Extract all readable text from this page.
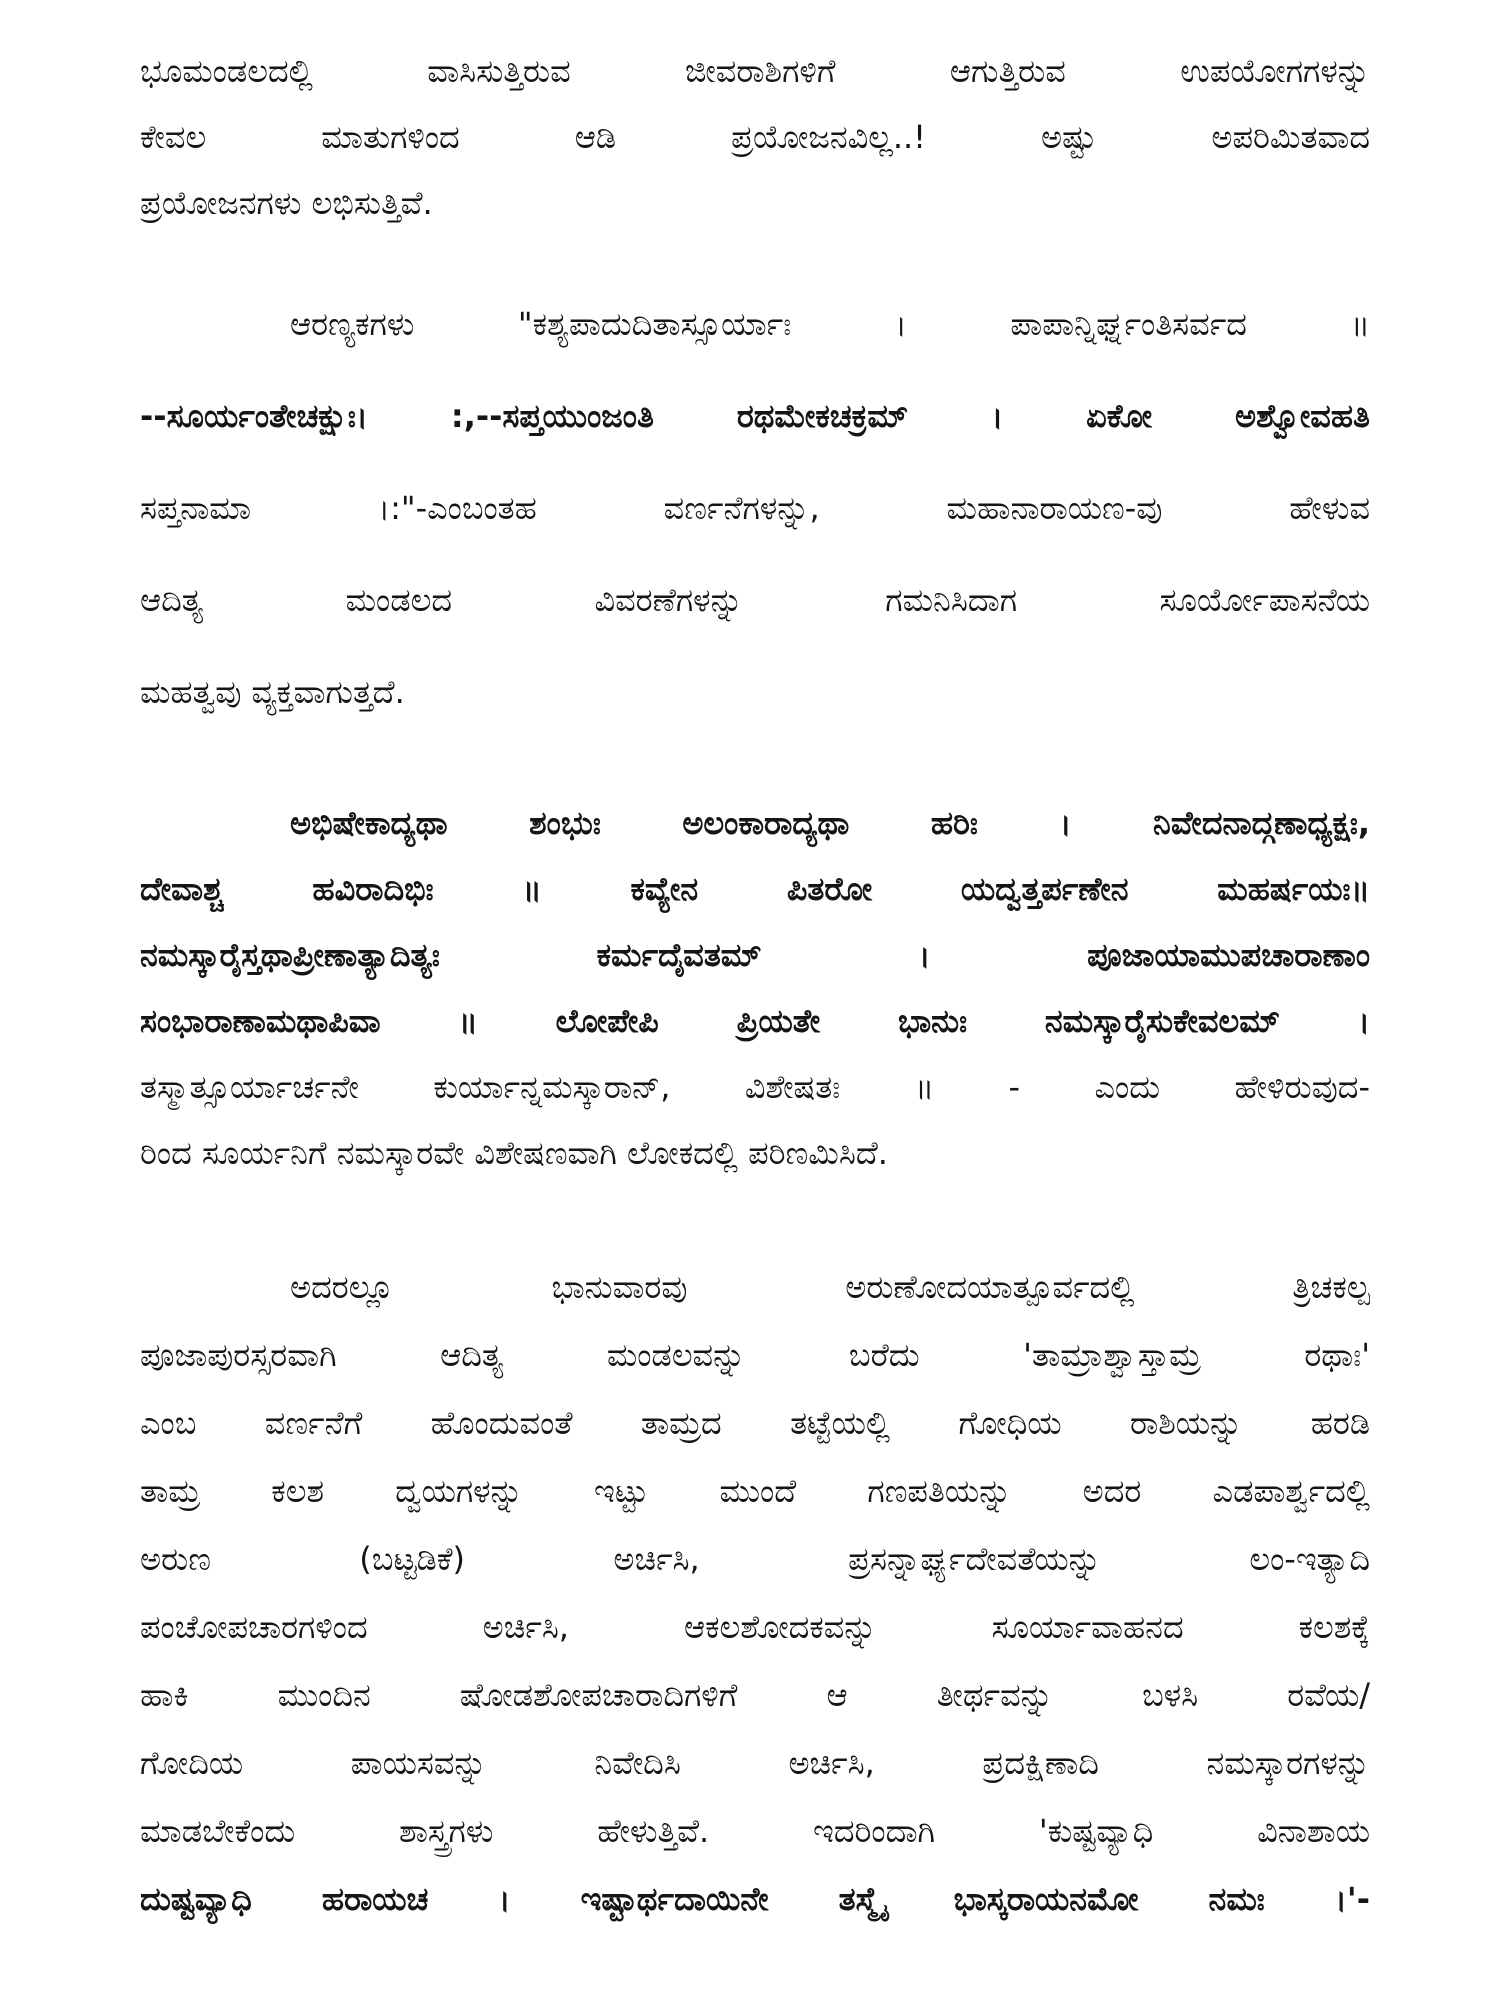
ಭೂಮಂಡಲದಲ್ಲಿ ವಾಸಿಸುತ್ತಿರುವ ಜೀವರಾಶಿಗಳಿಗೆ ಆಗುತ್ತಿರುವ ಉಪಯೋಗಗಳನ್ನು
ಕೇವಲ ಮಾತುಗಳಿಂದ ಆಡಿ ಪ್ರಯೋಜನವಿಲ್ಲ..! ಅಷ್ಟು ಅಪರಿಮಿತವಾದ
ಪ್ರಯೋಜನಗಳು ಲಭಿಸುತ್ತಿವೆ.
ಆರಣ್ಯಕಗಳು "ಕಶ್ಯಪಾದುದಿತಾಸ್ಸೂರ್ಯಾಃ । ಪಾಪಾನ್ನಿರ್ಘ್ನಂತಿಸರ್ವದ ॥
--ಸೂರ್ಯಂತೇಚಕ್ಷುಃ। :,--ಸಪ್ತಯುಂಜಂತಿ ರಥಮೇಕಚಕ್ರಮ್ । ಏಕೋ ಅಶ್ವೋವಹತಿ
ಸಪ್ತನಾಮಾ ।:"-ಎಂಬಂತಹ ವರ್ಣನೆಗಳನ್ನು, ಮಹಾನಾರಾಯಣ-ವು ಹೇಳುವ
ಆದಿತ್ಯ ಮಂಡಲದ ವಿವರಣೆಗಳನ್ನು ಗಮನಿಸಿದಾಗ ಸೂರ್ಯೋಪಾಸನೆಯ
ಮಹತ್ವವು ವ್ಯಕ್ತವಾಗುತ್ತದೆ.
ಅಭಿಷೇಕಾದ್ಯಥಾ ಶಂಭುಃ ಅಲಂಕಾರಾದ್ಯಥಾ ಹರಿಃ । ನಿವೇದನಾದ್ಗಣಾಧ್ಯಕ್ಷಃ,
ದೇವಾಶ್ಚ ಹವಿರಾದಿಭಿಃ ॥ ಕವ್ಯೇನ ಪಿತರೋ ಯದ್ವತ್ತರ್ಪಣೇನ ಮಹರ್ಷಯಃ॥
ನಮಸ್ಕಾರೈಸ್ತಥಾಪ್ರೀಣಾತ್ಯಾದಿತ್ಯಃ ಕರ್ಮದೈವತಮ್ । ಪೂಜಾಯಾಮುಪಚಾರಾಣಾಂ
ಸಂಭಾರಾಣಾಮಥಾಪಿವಾ ॥ ಲೋಪೇಪಿ ಪ್ರಿಯತೇ ಭಾನುಃ ನಮಸ್ಕಾರೈಸುಕೇವಲಮ್ ।
ತಸ್ಮಾತ್ಸೂರ್ಯಾರ್ಚನೇ ಕುರ್ಯಾನ್ನಮಸ್ಕಾರಾನ್, ವಿಶೇಷತಃ ॥ - ಎಂದು ಹೇಳಿರುವುದ-
ರಿಂದ ಸೂರ್ಯನಿಗೆ ನಮಸ್ಕಾರವೇ ವಿಶೇಷಣವಾಗಿ ಲೋಕದಲ್ಲಿ ಪರಿಣಮಿಸಿದೆ.
ಅದರಲ್ಲೂ ಭಾನುವಾರವು ಅರುಣೋದಯಾತ್ಪೂರ್ವದಲ್ಲಿ ತ್ರಿಚಕಲ್ಪ
ಪೂಜಾಪುರಸ್ಸರವಾಗಿ ಆದಿತ್ಯ ಮಂಡಲವನ್ನು ಬರೆದು 'ತಾಮ್ರಾಶ್ವಾಸ್ತಾಮ್ರ ರಥಾಃ'
ಎಂಬ ವರ್ಣನೆಗೆ ಹೊಂದುವಂತೆ ತಾಮ್ರದ ತಟ್ಟೆಯಲ್ಲಿ ಗೋಧಿಯ ರಾಶಿಯನ್ನು ಹರಡಿ
ತಾಮ್ರ ಕಲಶ ದ್ವಯಗಳನ್ನು ಇಟ್ಟು ಮುಂದೆ ಗಣಪತಿಯನ್ನು ಅದರ ಎಡಪಾರ್ಶ್ವದಲ್ಲಿ
ಅರುಣ (ಬಟ್ಟಡಿಕೆ) ಅರ್ಚಿಸಿ, ಪ್ರಸನ್ನಾರ್ಘ್ಯದೇವತೆಯನ್ನು ಲಂ-ಇತ್ಯಾದಿ
ಪಂಚೋಪಚಾರಗಳಿಂದ ಅರ್ಚಿಸಿ, ಆಕಲಶೋದಕವನ್ನು ಸೂರ್ಯಾವಾಹನದ ಕಲಶಕ್ಕೆ
ಹಾಕಿ ಮುಂದಿನ ಷೋಡಶೋಪಚಾರಾದಿಗಳಿಗೆ ಆ ತೀರ್ಥವನ್ನು ಬಳಸಿ ರವೆಯ/
ಗೋದಿಯ ಪಾಯಸವನ್ನು ನಿವೇದಿಸಿ ಅರ್ಚಿಸಿ, ಪ್ರದಕ್ಷಿಣಾದಿ ನಮಸ್ಕಾರಗಳನ್ನು
ಮಾಡಬೇಕೆಂದು ಶಾಸ್ತ್ರಗಳು ಹೇಳುತ್ತಿವೆ. ಇದರಿಂದಾಗಿ 'ಕುಷ್ಟವ್ಯಾಧಿ ವಿನಾಶಾಯ
ದುಷ್ಟವ್ಯಾಧಿ ಹರಾಯಚ । ಇಷ್ಟಾರ್ಥದಾಯಿನೇ ತಸ್ಮೈ ಭಾಸ್ಕರಾಯನಮೋ ನಮಃ ।'-
